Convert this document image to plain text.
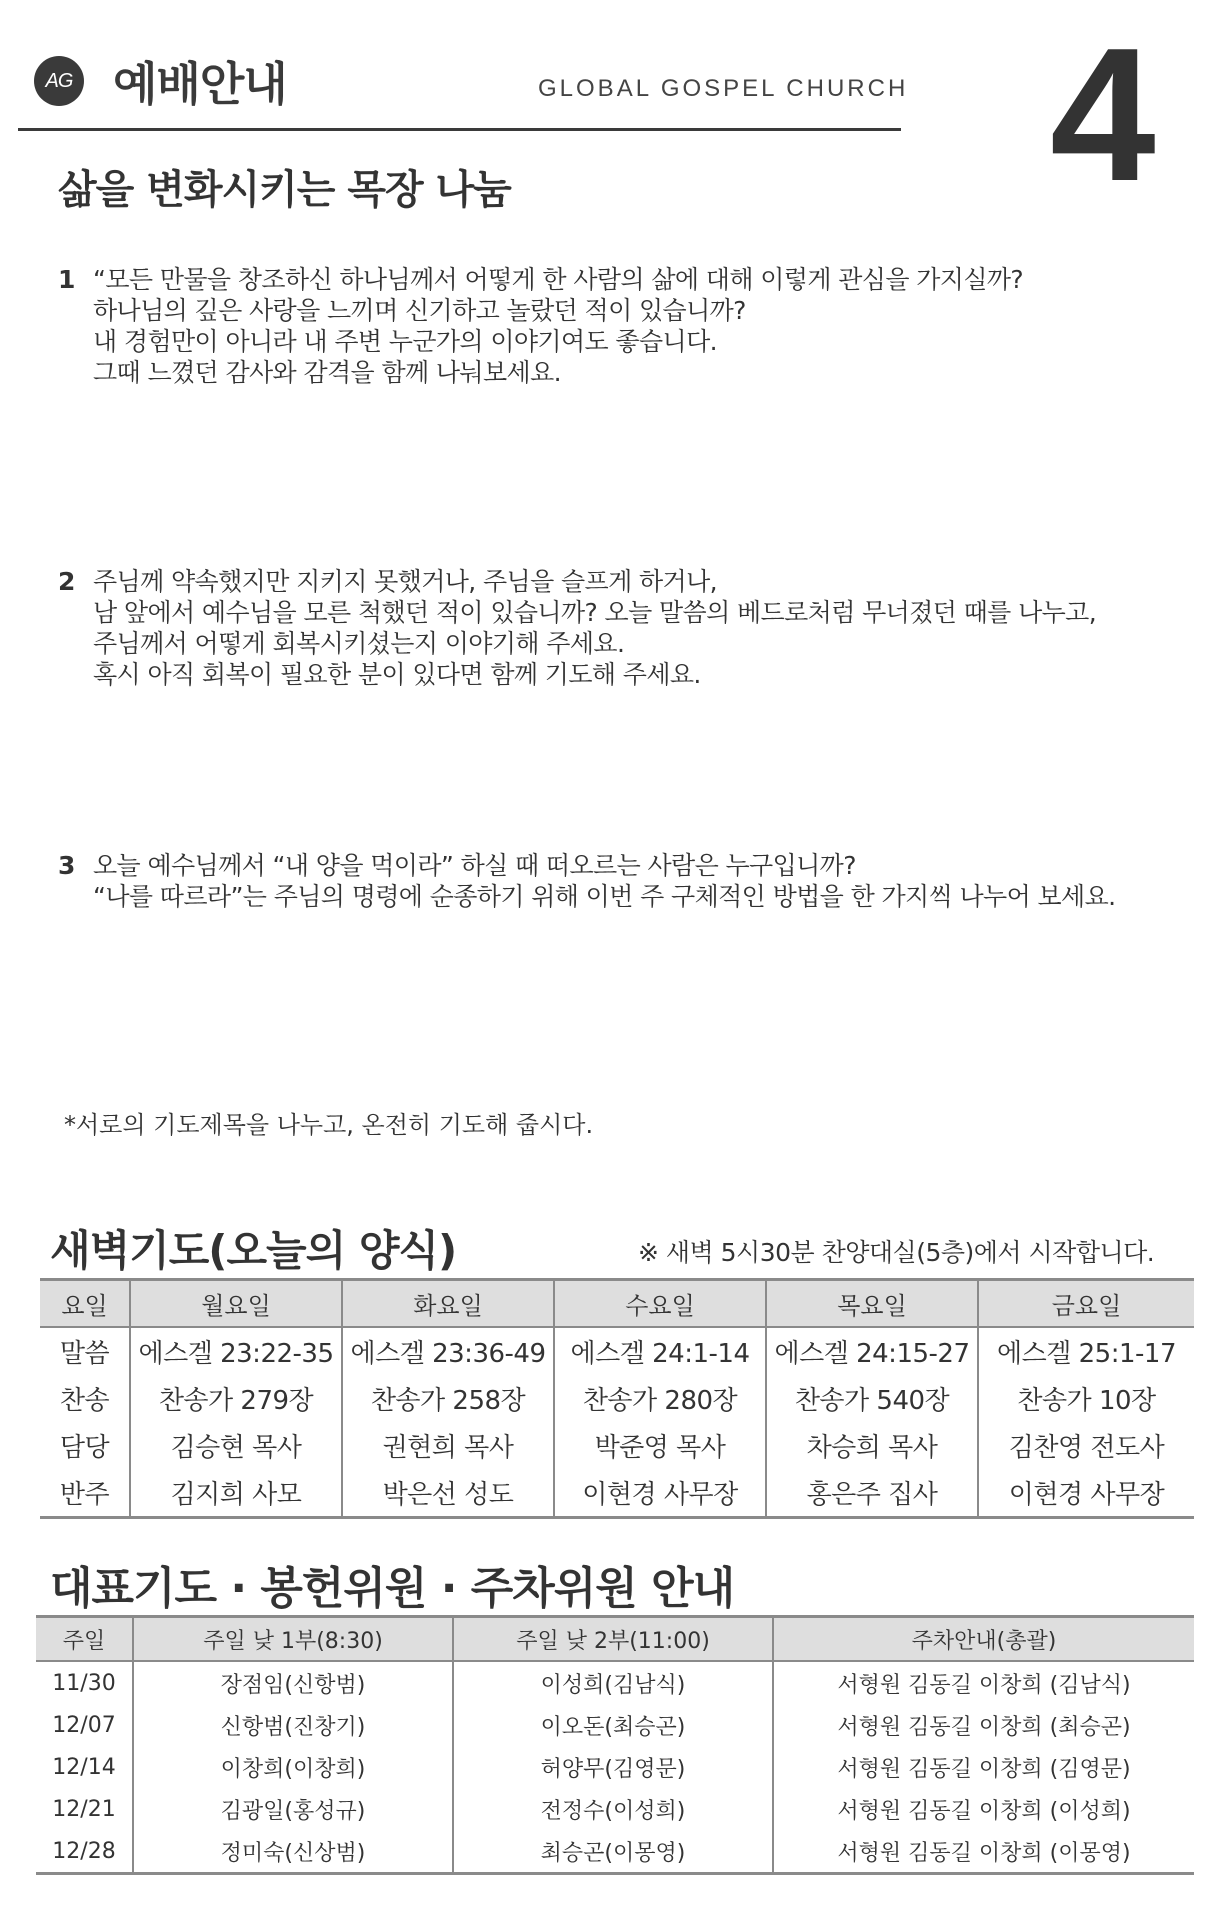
AG 예배안내	GLOBAL GOSPEL CHURCH 4
삶을 변화시키는 목장 나눔
1 “모든 만물을 창조하신 하나님께서 어떻게 한 사람의 삶에 대해 이렇게 관심을 가지실까?
하나님의 깊은 사랑을 느끼며 신기하고 놀랐던 적이 있습니까?
내 경험만이 아니라 내 주변 누군가의 이야기여도 좋습니다.
그때 느꼈던 감사와 감격을 함께 나눠보세요.
2 주님께 약속했지만 지키지 못했거나, 주님을 슬프게 하거나,
남 앞에서 예수님을 모른 척했던 적이 있습니까? 오늘 말씀의 베드로처럼 무너졌던 때를 나누고,
주님께서 어떻게 회복시키셨는지 이야기해 주세요.
혹시 아직 회복이 필요한 분이 있다면 함께 기도해 주세요.
3 오늘 예수님께서 “내 양을 먹이라” 하실 때 떠오르는 사람은 누구입니까?
“나를 따르라”는 주님의 명령에 순종하기 위해 이번 주 구체적인 방법을 한 가지씩 나누어 보세요.
*서로의 기도제목을 나누고, 온전히 기도해 줍시다.
새벽기도(오늘의 양식)	※ 새벽 5시30분 찬양대실(5층)에서 시작합니다.
요일	월요일	화요일	수요일	목요일	금요일
말씀	에스겔 23:22-35	에스겔 23:36-49	에스겔 24:1-14	에스겔 24:15-27	에스겔 25:1-17
찬송	찬송가 279장	찬송가 258장	찬송가 280장	찬송가 540장	찬송가 10장
담당	김승현 목사	권현희 목사	박준영 목사	차승희 목사	김찬영 전도사
반주	김지희 사모	박은선 성도	이현경 사무장	홍은주 집사	이현경 사무장
대표기도 · 봉헌위원 · 주차위원 안내
주일	주일 낮 1부(8:30)	주일 낮 2부(11:00)	주차안내(총괄)
11/30	장점임(신항범)	이성희(김남식)	서형원 김동길 이창희 (김남식)
12/07	신항범(진창기)	이오돈(최승곤)	서형원 김동길 이창희 (최승곤)
12/14	이창희(이창희)	허양무(김영문)	서형원 김동길 이창희 (김영문)
12/21	김광일(홍성규)	전정수(이성희)	서형원 김동길 이창희 (이성희)
12/28	정미숙(신상범)	최승곤(이몽영)	서형원 김동길 이창희 (이몽영)
